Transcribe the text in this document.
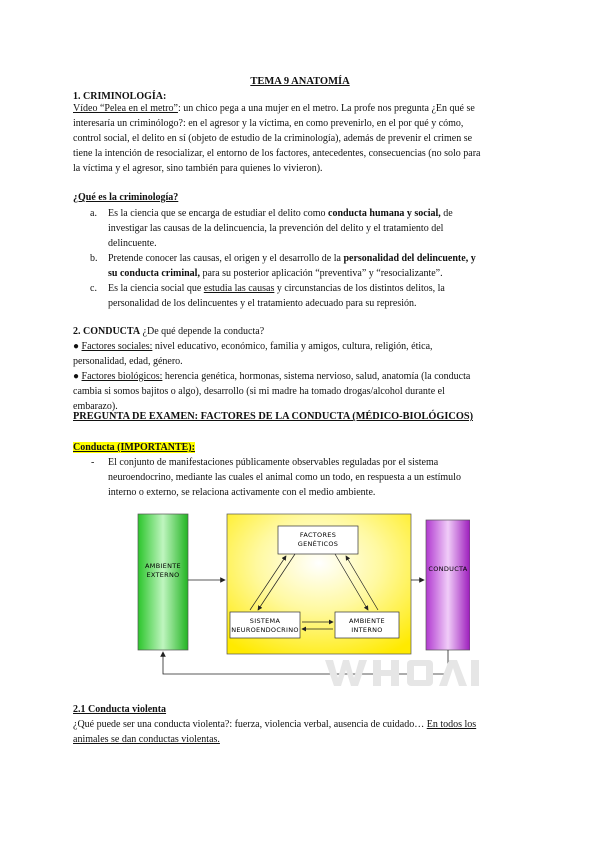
TEMA 9 ANATOMÍA
1. CRIMINOLOGÍA:
Vídeo “Pelea en el metro”: un chico pega a una mujer en el metro. La profe nos pregunta ¿En qué se
interesaría un criminólogo?: en el agresor y la víctima, en como prevenirlo, en el por qué y cómo,
control social, el delito en sí (objeto de estudio de la criminología), además de prevenir el crimen se
tiene la intención de resocializar, el entorno de los factores, antecedentes, consecuencias (no solo para
la víctima y el agresor, sino también para quienes lo vivieron).
¿Qué es la criminología?
a. Es la ciencia que se encarga de estudiar el delito como conducta humana y social, de
investigar las causas de la delincuencia, la prevención del delito y el tratamiento del
delincuente.
b. Pretende conocer las causas, el origen y el desarrollo de la personalidad del delincuente, y
su conducta criminal, para su posterior aplicación “preventiva” y “resocializante”.
c. Es la ciencia social que estudia las causas y circunstancias de los distintos delitos, la
personalidad de los delincuentes y el tratamiento adecuado para su represión.
2. CONDUCTA ¿De qué depende la conducta?
● Factores sociales: nivel educativo, económico, familia y amigos, cultura, religión, ética,
personalidad, edad, género.
● Factores biológicos: herencia genética, hormonas, sistema nervioso, salud, anatomía (la conducta
cambia si somos bajitos o algo), desarrollo (si mi madre ha tomado drogas/alcohol durante el
embarazo).
PREGUNTA DE EXAMEN: FACTORES DE LA CONDUCTA (MÉDICO-BIOLÓGICOS)
Conducta (IMPORTANTE):
- El conjunto de manifestaciones públicamente observables reguladas por el sistema
neuroendocrino, mediante las cuales el animal como un todo, en respuesta a un estímulo
interno o externo, se relaciona activamente con el medio ambiente.
AMBIENTE
EXTERNO
CONDUCTA
FACTORES
GENÉTICOS
SISTEMA
NEUROENDOCRINO
AMBIENTE
INTERNO
2.1 Conducta violenta
¿Qué puede ser una conducta violenta?: fuerza, violencia verbal, ausencia de cuidado… En todos los
animales se dan conductas violentas.
